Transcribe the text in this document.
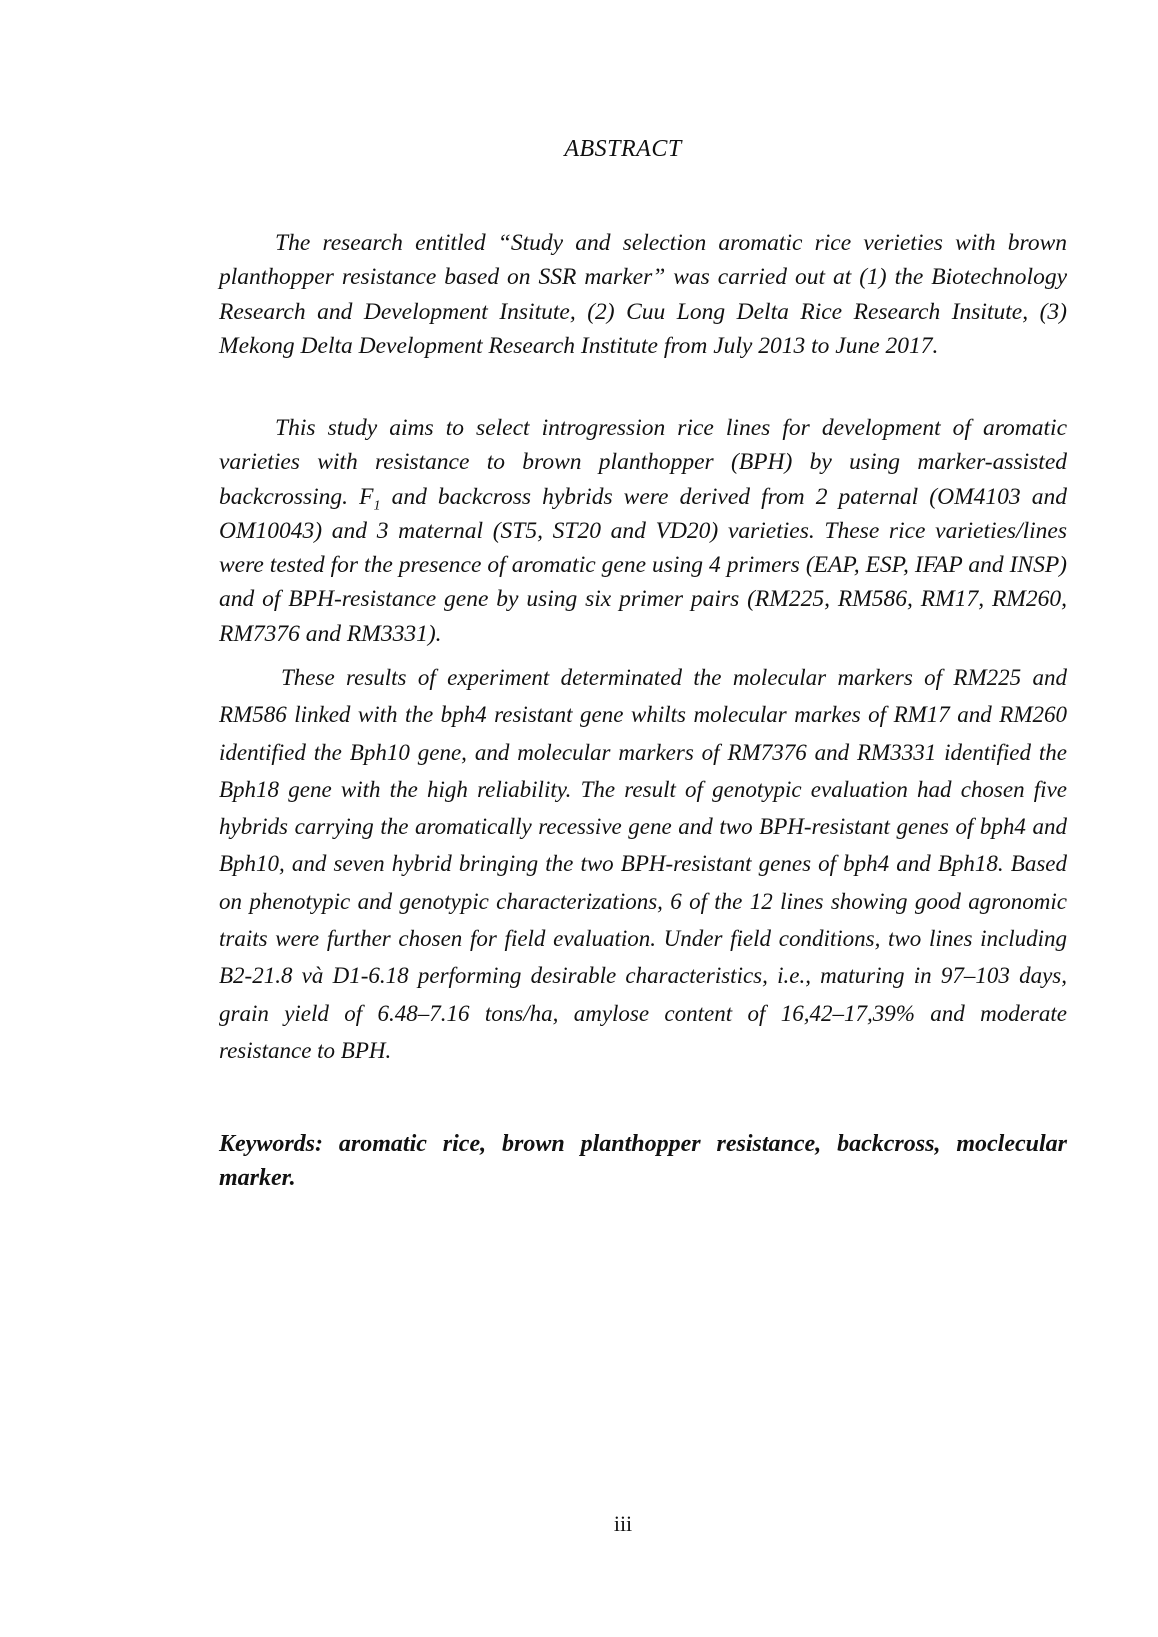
ABSTRACT

The research entitled “Study and selection aromatic rice verieties with brown planthopper resistance based on SSR marker” was carried out at (1) the Biotechnology Research and Development Insitute, (2) Cuu Long Delta Rice Research Insitute, (3) Mekong Delta Development Research Institute from July 2013 to June 2017.

This study aims to select introgression rice lines for development of aromatic varieties with resistance to brown planthopper (BPH) by using marker-assisted backcrossing. $F_1$ and backcross hybrids were derived from 2 paternal (OM4103 and OM10043) and 3 maternal (ST5, ST20 and VD20) varieties. These rice varieties/lines were tested for the presence of aromatic gene using 4 primers (EAP, ESP, IFAP and INSP) and of BPH-resistance gene by using six primer pairs (RM225, RM586, RM17, RM260, RM7376 and RM3331).

These results of experiment determinated the molecular markers of RM225 and RM586 linked with the bph4 resistant gene whilts molecular markes of RM17 and RM260 identified the Bph10 gene, and molecular markers of RM7376 and RM3331 identified the Bph18 gene with the high reliability. The result of genotypic evaluation had chosen five hybrids carrying the aromatically recessive gene and two BPH-resistant genes of bph4 and Bph10, and seven hybrid bringing the two BPH-resistant genes of bph4 and Bph18. Based on phenotypic and genotypic characterizations, 6 of the 12 lines showing good agronomic traits were further chosen for field evaluation. Under field conditions, two lines including B2-21.8 và D1-6.18 performing desirable characteristics, i.e., maturing in 97–103 days, grain yield of 6.48–7.16 tons/ha, amylose content of 16,42–17,39% and moderate resistance to BPH.

Keywords: aromatic rice, brown planthopper resistance, backcross, moclecular marker.

iii
